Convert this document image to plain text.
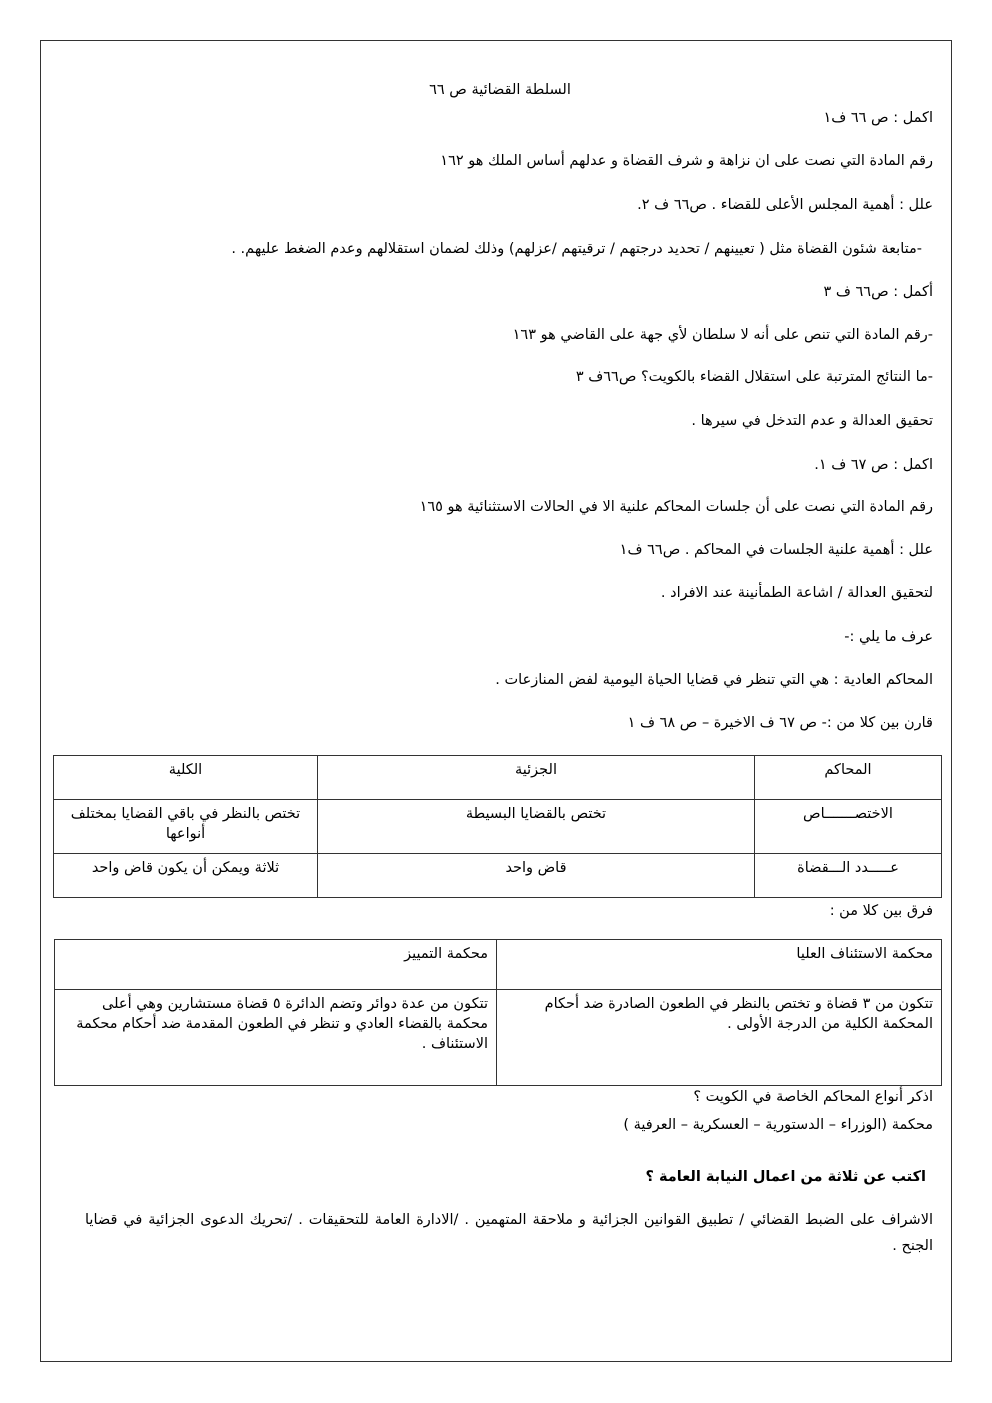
السلطة القضائية ص ٦٦
اكمل : ص ٦٦ ف١
رقم المادة التي نصت على ان نزاهة و شرف القضاة و عدلهم أساس الملك هو ١٦٢
علل : أهمية المجلس الأعلى للقضاء . ص٦٦ ف ٢.
-متابعة شئون القضاة مثل ( تعيينهم / تحديد درجتهم / ترقيتهم /عزلهم) وذلك لضمان استقلالهم وعدم الضغط عليهم. .
أكمل : ص٦٦ ف ٣
-رقم المادة التي تنص على أنه لا سلطان لأي جهة على القاضي هو ١٦٣
-ما النتائج المترتبة على استقلال القضاء بالكويت؟ ص٦٦ف ٣
تحقيق العدالة و عدم التدخل في سيرها .
اكمل : ص ٦٧ ف ١.
رقم المادة التي نصت على أن جلسات المحاكم علنية الا في الحالات الاستثنائية هو ١٦٥
علل : أهمية علنية الجلسات في المحاكم . ص٦٦ ف١
لتحقيق العدالة / اشاعة الطمأنينة عند الافراد .
عرف ما يلي :-
المحاكم العادية : هي التي تنظر في قضايا الحياة اليومية لفض المنازعات .
قارن بين كلا من :- ص ٦٧ ف الاخيرة – ص ٦٨ ف ١
المحاكم	الجزئية	الكلية
الاختصـــــــاص	تختص بالقضايا البسيطة	تختص بالنظر في باقي القضايا بمختلف أنواعها
عـــــدد الـــقضاة	قاض واحد	ثلاثة ويمكن أن يكون قاض واحد
فرق بين كلا من :
محكمة الاستئناف العليا	محكمة التمييز
تتكون من ٣ قضاة و تختص بالنظر في الطعون الصادرة ضد أحكام المحكمة الكلية من الدرجة الأولى .	تتكون من عدة دوائر وتضم الدائرة ٥ قضاة مستشارين وهي أعلى محكمة بالقضاء العادي و تنظر في الطعون المقدمة ضد أحكام محكمة الاستئناف .
اذكر أنواع المحاكم الخاصة في الكويت ؟
محكمة (الوزراء – الدستورية – العسكرية – العرفية )
اكتب عن ثلاثة من اعمال النيابة العامة ؟
الاشراف على الضبط القضائي / تطبيق القوانين الجزائية و ملاحقة المتهمين . /الادارة العامة للتحقيقات . /تحريك الدعوى الجزائية في قضايا الجنح .
